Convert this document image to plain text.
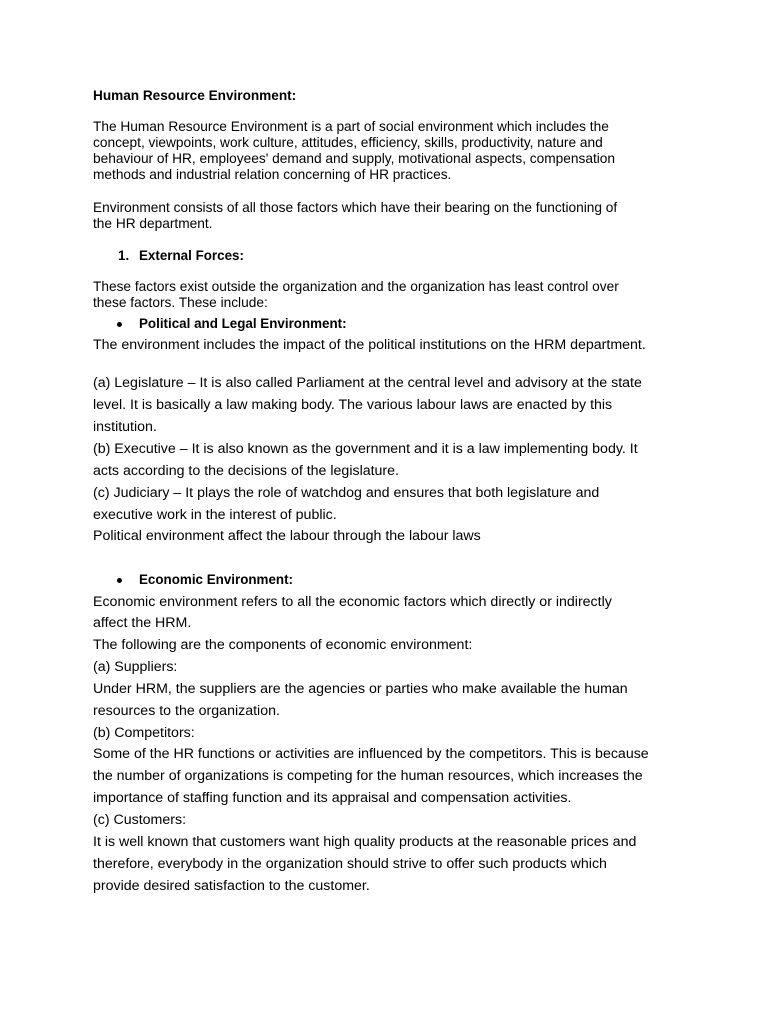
Human Resource Environment:
The Human Resource Environment is a part of social environment which includes the
concept, viewpoints, work culture, attitudes, efficiency, skills, productivity, nature and
behaviour of HR, employees' demand and supply, motivational aspects, compensation
methods and industrial relation concerning of HR practices.
Environment consists of all those factors which have their bearing on the functioning of
the HR department.
1. External Forces:
These factors exist outside the organization and the organization has least control over
these factors. These include:
Political and Legal Environment:
The environment includes the impact of the political institutions on the HRM department.
(a) Legislature – It is also called Parliament at the central level and advisory at the state
level. It is basically a law making body. The various labour laws are enacted by this
institution.
(b) Executive – It is also known as the government and it is a law implementing body. It
acts according to the decisions of the legislature.
(c) Judiciary – It plays the role of watchdog and ensures that both legislature and
executive work in the interest of public.
Political environment affect the labour through the labour laws
Economic Environment:
Economic environment refers to all the economic factors which directly or indirectly
affect the HRM.
The following are the components of economic environment:
(a) Suppliers:
Under HRM, the suppliers are the agencies or parties who make available the human
resources to the organization.
(b) Competitors:
Some of the HR functions or activities are influenced by the competitors. This is because
the number of organizations is competing for the human resources, which increases the
importance of staffing function and its appraisal and compensation activities.
(c) Customers:
It is well known that customers want high quality products at the reasonable prices and
therefore, everybody in the organization should strive to offer such products which
provide desired satisfaction to the customer.
